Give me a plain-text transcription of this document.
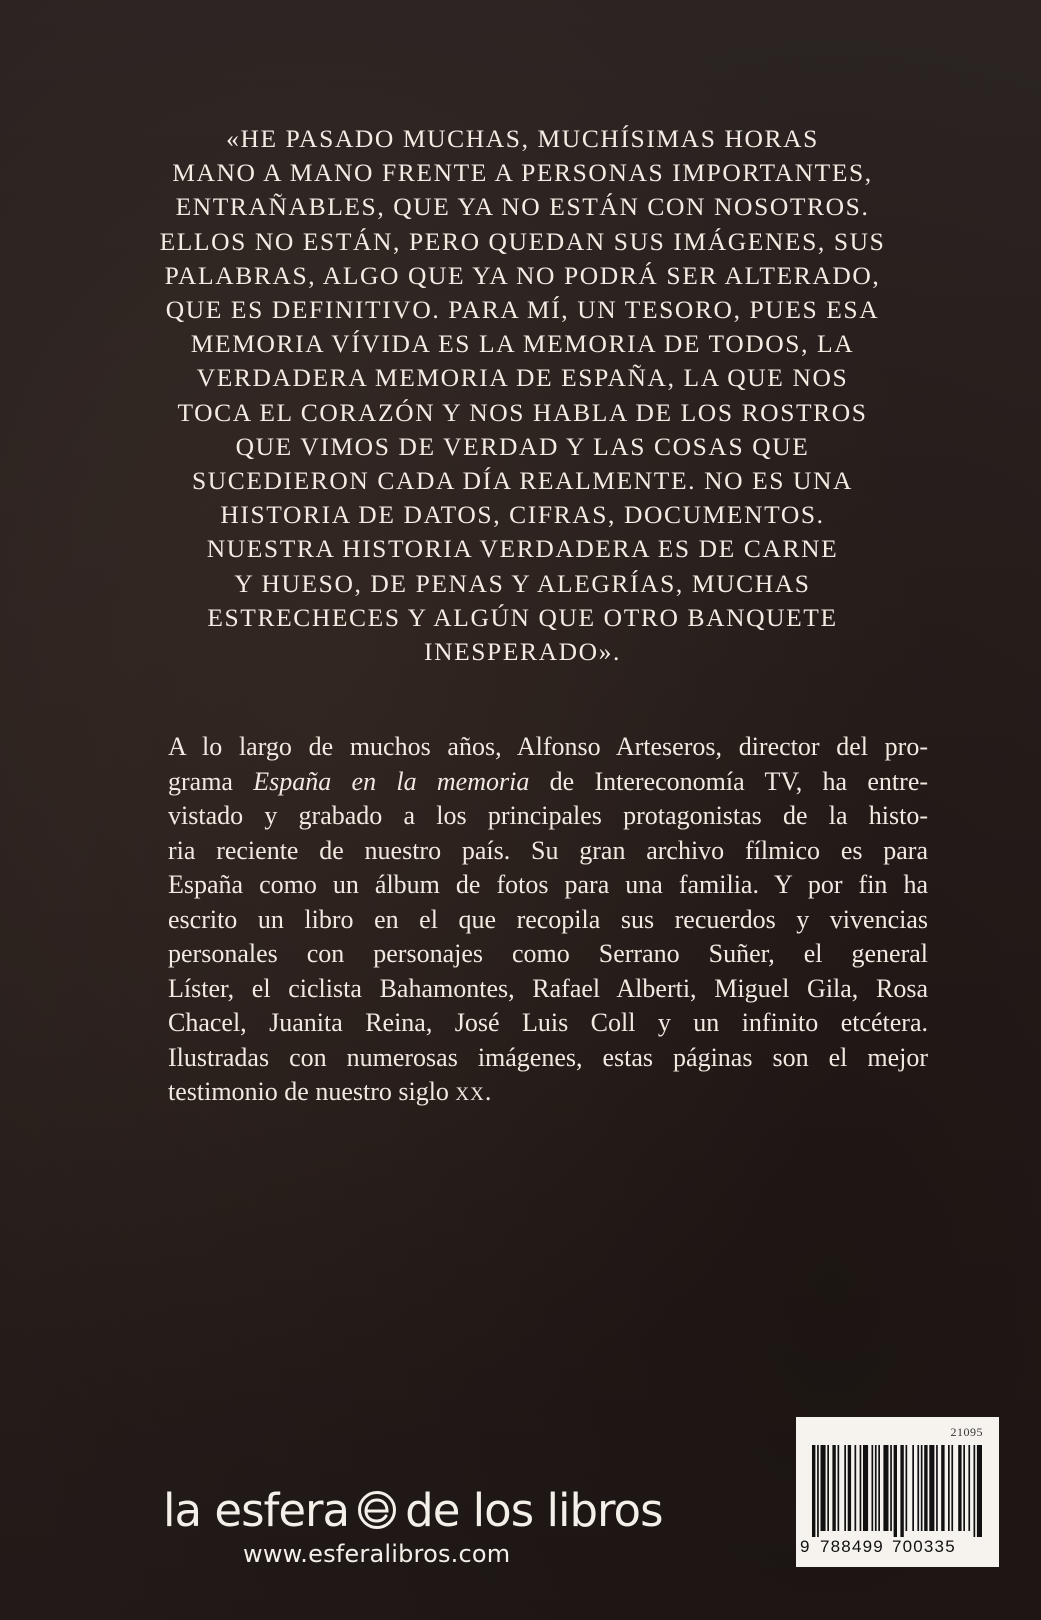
«HE PASADO MUCHAS, MUCHÍSIMAS HORAS
MANO A MANO FRENTE A PERSONAS IMPORTANTES,
ENTRAÑABLES, QUE YA NO ESTÁN CON NOSOTROS.
ELLOS NO ESTÁN, PERO QUEDAN SUS IMÁGENES, SUS
PALABRAS, ALGO QUE YA NO PODRÁ SER ALTERADO,
QUE ES DEFINITIVO. PARA MÍ, UN TESORO, PUES ESA
MEMORIA VÍVIDA ES LA MEMORIA DE TODOS, LA
VERDADERA MEMORIA DE ESPAÑA, LA QUE NOS
TOCA EL CORAZÓN Y NOS HABLA DE LOS ROSTROS
QUE VIMOS DE VERDAD Y LAS COSAS QUE
SUCEDIERON CADA DÍA REALMENTE. NO ES UNA
HISTORIA DE DATOS, CIFRAS, DOCUMENTOS.
NUESTRA HISTORIA VERDADERA ES DE CARNE
Y HUESO, DE PENAS Y ALEGRÍAS, MUCHAS
ESTRECHECES Y ALGÚN QUE OTRO BANQUETE
INESPERADO».
A lo largo de muchos años, Alfonso Arteseros, director del pro-
grama España en la memoria de Intereconomía TV, ha entre-
vistado y grabado a los principales protagonistas de la histo-
ria reciente de nuestro país. Su gran archivo fílmico es para
España como un álbum de fotos para una familia. Y por fin ha
escrito un libro en el que recopila sus recuerdos y vivencias
personales con personajes como Serrano Suñer, el general
Líster, el ciclista Bahamontes, Rafael Alberti, Miguel Gila, Rosa
Chacel, Juanita Reina, José Luis Coll y un infinito etcétera.
Ilustradas con numerosas imágenes, estas páginas son el mejor
testimonio de nuestro siglo XX.
la esfera de los libros
www.esferalibros.com
21095
9 788499 700335
